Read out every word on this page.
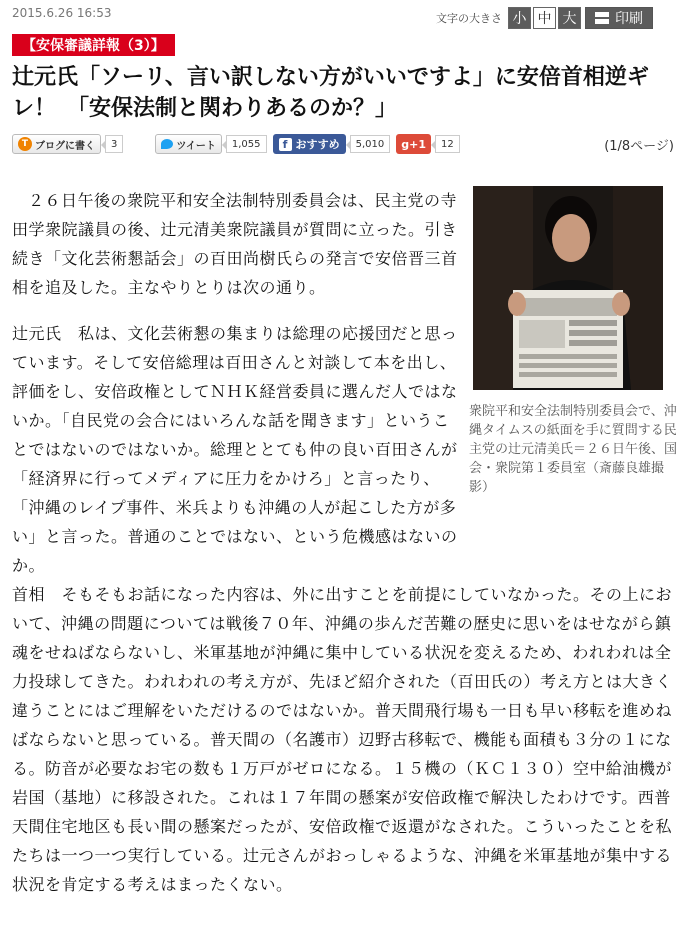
2015.6.26 16:53	文字の大きさ 小 中 大	印刷
【安保審議詳報（3）】
辻元氏「ソーリ、言い訳しない方がいいですよ」に安倍首相逆ギレ！　「安保法制と関わりあるのか？」
T ブログに書く	3	ツイート	1,055	f おすすめ	5,010	g +1	12	(1/8ページ)

２６日午後の衆院平和安全法制特別委員会は、民主党の寺田学衆院議員の後、辻元清美衆院議員が質問に立った。引き続き「文化芸術懇話会」の百田尚樹氏らの発言で安倍晋三首相を追及した。主なやりとりは次の通り。

衆院平和安全法制特別委員会で、沖縄タイムスの紙面を手に質問する民主党の辻元清美氏＝２６日午後、国会・衆院第１委員室（斎藤良雄撮影）

辻元氏　私は、文化芸術懇の集まりは総理の応援団だと思っています。そして安倍総理は百田さんと対談して本を出し、評価をし、安倍政権としてＮＨＫ経営委員に選んだ人ではないか。「自民党の会合にはいろんな話を聞きます」ということではないのではないか。総理ととても仲の良い百田さんが「経済界に行ってメディアに圧力をかけろ」と言ったり、「沖縄のレイプ事件、米兵よりも沖縄の人が起こした方が多い」と言った。普通のことではない、という危機感はないのか。

首相　そもそもお話になった内容は、外に出すことを前提にしていなかった。その上において、沖縄の問題については戦後７０年、沖縄の歩んだ苦難の歴史に思いをはせながら鎮魂をせねばならないし、米軍基地が沖縄に集中している状況を変えるため、われわれは全力投球してきた。われわれの考え方が、先ほど紹介された（百田氏の）考え方とは大きく違うことにはご理解をいただけるのではないか。普天間飛行場も一日も早い移転を進めねばならないと思っている。普天間の（名護市）辺野古移転で、機能も面積も３分の１になる。防音が必要なお宅の数も１万戸がゼロになる。１５機の（ＫＣ１３０）空中給油機が岩国（基地）に移設された。これは１７年間の懸案が安倍政権で解決したわけです。西普天間住宅地区も長い間の懸案だったが、安倍政権で返還がなされた。こういったことを私たちは一つ一つ実行している。辻元さんがおっしゃるような、沖縄を米軍基地が集中する状況を肯定する考えはまったくない。
